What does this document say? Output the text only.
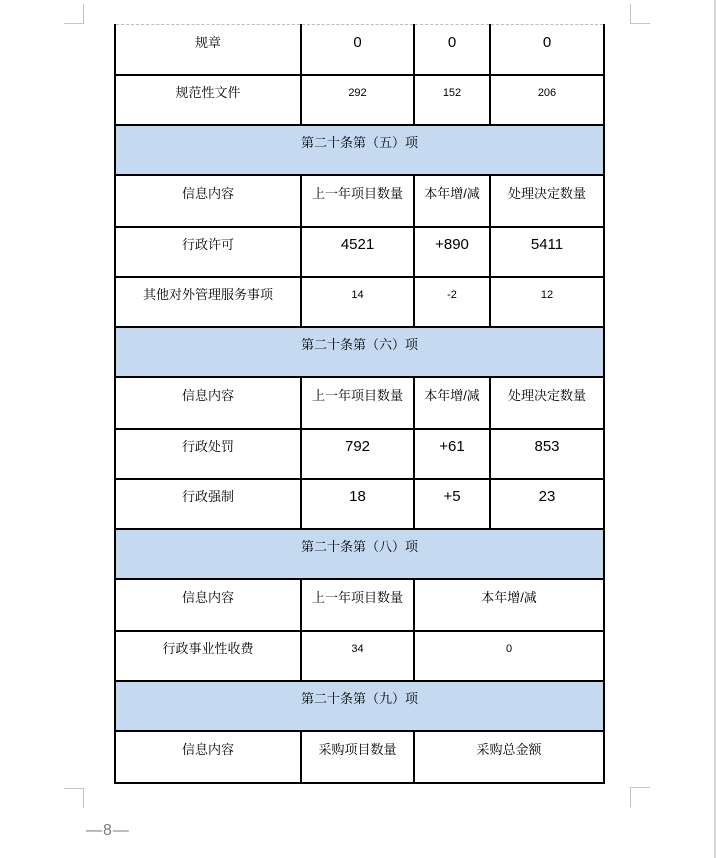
规章	0	0	0
规范性文件	292	152	206
第二十条第（五）项			
信息内容	上一年项目数量	本年增/减	处理决定数量
行政许可	4521	+890	5411
其他对外管理服务事项	14	-2	12
第二十条第（六）项			
信息内容	上一年项目数量	本年增/减	处理决定数量
行政处罚	792	+61	853
行政强制	18	+5	23
第二十条第（八）项			
信息内容	上一年项目数量	本年增/减	
行政事业性收费	34	0	
第二十条第（九）项			
信息内容	采购项目数量	采购总金额	
—8—
